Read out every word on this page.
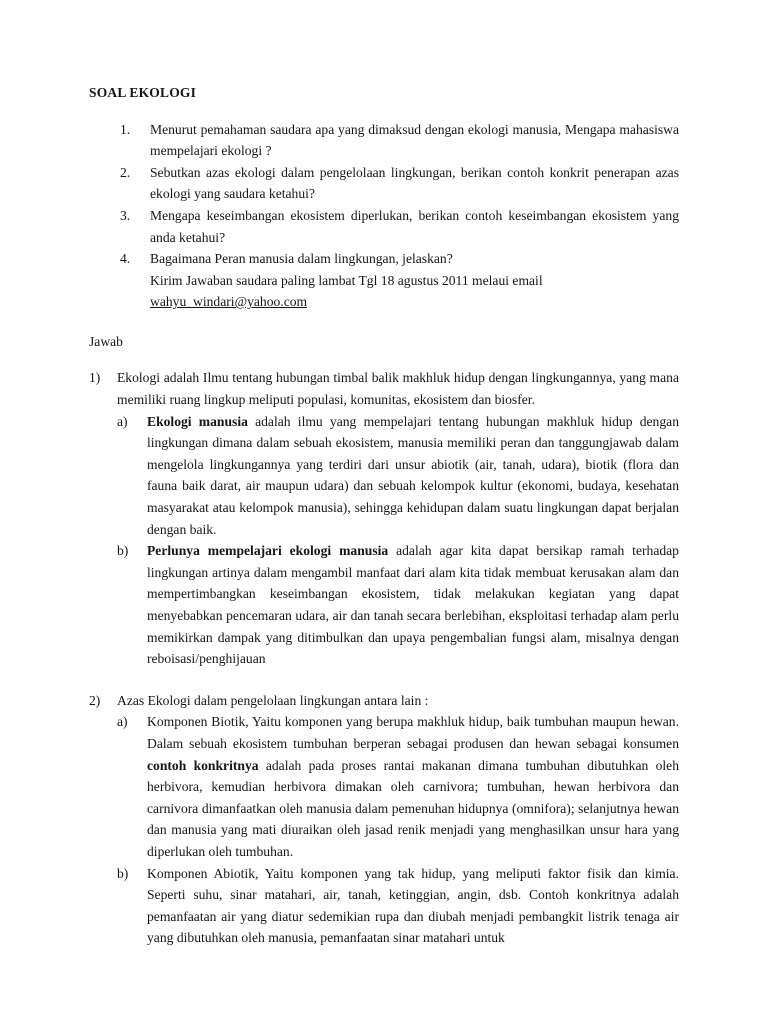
SOAL EKOLOGI
1.	Menurut pemahaman saudara apa yang dimaksud dengan ekologi manusia, Mengapa mahasiswa mempelajari ekologi ?

2.	Sebutkan azas ekologi dalam pengelolaan lingkungan, berikan contoh konkrit penerapan azas ekologi yang saudara ketahui?

3.	Mengapa keseimbangan ekosistem diperlukan, berikan contoh keseimbangan ekosistem yang anda ketahui?

4.	Bagaimana Peran manusia dalam lingkungan, jelaskan?

Kirim Jawaban saudara paling lambat Tgl 18 agustus 2011 melaui email

wahyu_windari@yahoo.com

Jawab
1)	Ekologi adalah Ilmu tentang hubungan timbal balik makhluk hidup dengan lingkungannya, yang mana memiliki ruang lingkup meliputi populasi, komunitas, ekosistem dan biosfer.

a)	Ekologi manusia adalah ilmu yang mempelajari tentang hubungan makhluk hidup dengan lingkungan dimana dalam sebuah ekosistem, manusia memiliki peran dan tanggungjawab dalam mengelola lingkungannya yang terdiri dari unsur abiotik (air, tanah, udara), biotik (flora dan fauna baik darat, air maupun udara) dan sebuah kelompok kultur (ekonomi, budaya, kesehatan masyarakat atau kelompok manusia), sehingga kehidupan dalam suatu lingkungan dapat berjalan dengan baik.

b)	Perlunya mempelajari ekologi manusia adalah agar kita dapat bersikap ramah terhadap lingkungan artinya dalam mengambil manfaat dari alam kita tidak membuat kerusakan alam dan mempertimbangkan keseimbangan ekosistem, tidak melakukan kegiatan yang dapat menyebabkan pencemaran udara, air dan tanah secara berlebihan, eksploitasi terhadap alam perlu memikirkan dampak yang ditimbulkan dan upaya pengembalian fungsi alam, misalnya dengan reboisasi/penghijauan

2)	Azas Ekologi dalam pengelolaan lingkungan antara lain :

a)	Komponen Biotik, Yaitu komponen yang berupa makhluk hidup, baik tumbuhan maupun hewan. Dalam sebuah ekosistem tumbuhan berperan sebagai produsen dan hewan sebagai konsumen contoh konkritnya adalah pada proses rantai makanan dimana tumbuhan dibutuhkan oleh herbivora, kemudian herbivora dimakan oleh carnivora; tumbuhan, hewan herbivora dan carnivora dimanfaatkan oleh manusia dalam pemenuhan hidupnya (omnifora); selanjutnya hewan dan manusia yang mati diuraikan oleh jasad renik menjadi yang menghasilkan unsur hara yang diperlukan oleh tumbuhan.

b)	Komponen Abiotik, Yaitu komponen yang tak hidup, yang meliputi faktor fisik dan kimia. Seperti suhu, sinar matahari, air, tanah, ketinggian, angin, dsb. Contoh konkritnya adalah pemanfaatan air yang diatur sedemikian rupa dan diubah menjadi pembangkit listrik tenaga air yang dibutuhkan oleh manusia, pemanfaatan sinar matahari untuk
